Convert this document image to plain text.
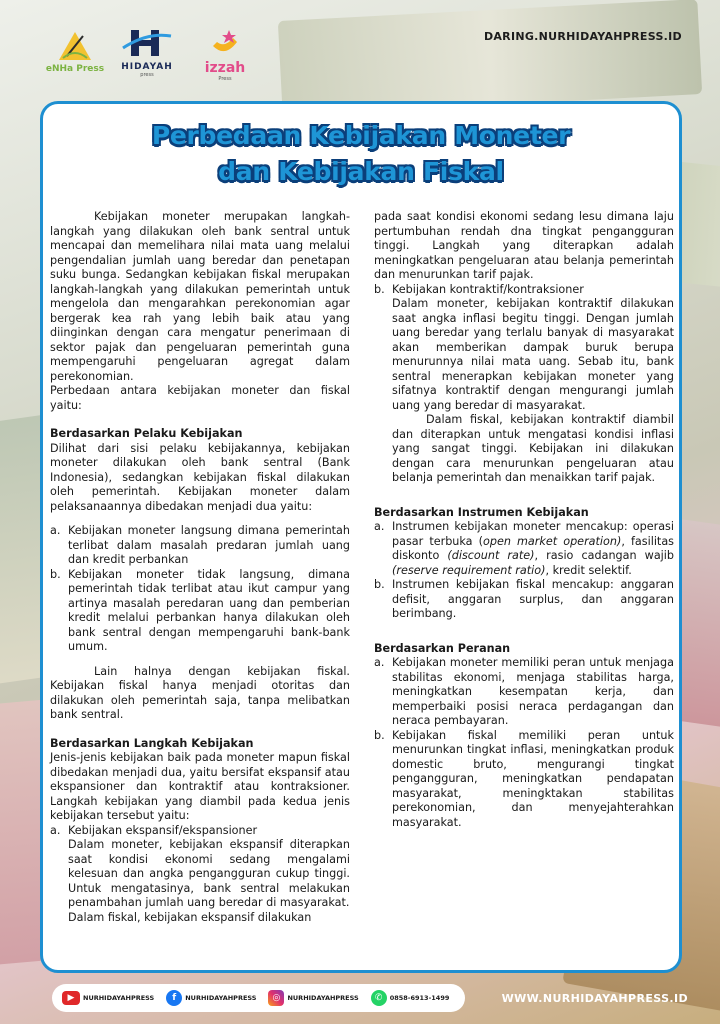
eNHa Press HIDAYAH
press	izzah
Press
DARING.NURHIDAYAHPRESS.ID
Perbedaan Kebijakan Moneter
dan Kebijakan Fiskal
Kebijakan moneter merupakan langkah-langkah yang dilakukan oleh bank sentral untuk mencapai dan memelihara nilai mata uang melalui pengendalian jumlah uang beredar dan penetapan suku bunga. Sedangkan kebijakan fiskal merupakan langkah-langkah yang dilakukan pemerintah untuk mengelola dan mengarahkan perekonomian agar bergerak kea rah yang lebih baik atau yang diinginkan dengan cara mengatur penerimaan di sektor pajak dan pengeluaran pemerintah guna mempengaruhi pengeluaran agregat dalam perekonomian.
Perbedaan antara kebijakan moneter dan fiskal yaitu:
Berdasarkan Pelaku Kebijakan
Dilihat dari sisi pelaku kebijakannya, kebijakan moneter dilakukan oleh bank sentral (Bank Indonesia), sedangkan kebijakan fiskal dilakukan oleh pemerintah. Kebijakan moneter dalam pelaksanaannya dibedakan menjadi dua yaitu:
a. Kebijakan moneter langsung dimana pemerintah terlibat dalam masalah predaran jumlah uang dan kredit perbankan
b. Kebijakan moneter tidak langsung, dimana pemerintah tidak terlibat atau ikut campur yang artinya masalah peredaran uang dan pemberian kredit melalui perbankan hanya dilakukan oleh bank sentral dengan mempengaruhi bank-bank umum.
Lain halnya dengan kebijakan fiskal. Kebijakan fiskal hanya menjadi otoritas dan dilakukan oleh pemerintah saja, tanpa melibatkan bank sentral.
Berdasarkan Langkah Kebijakan
Jenis-jenis kebijakan baik pada moneter mapun fiskal dibedakan menjadi dua, yaitu bersifat ekspansif atau ekspansioner dan kontraktif atau kontraksioner. Langkah kebijakan yang diambil pada kedua jenis kebijakan tersebut yaitu:
a. Kebijakan ekspansif/ekspansioner
Dalam moneter, kebijakan ekspansif diterapkan saat kondisi ekonomi sedang mengalami kelesuan dan angka pengangguran cukup tinggi. Untuk mengatasinya, bank sentral melakukan penambahan jumlah uang beredar di masyarakat.
Dalam fiskal, kebijakan ekspansif dilakukan
pada saat kondisi ekonomi sedang lesu dimana laju pertumbuhan rendah dna tingkat pengangguran tinggi. Langkah yang diterapkan adalah meningkatkan pengeluaran atau belanja pemerintah dan menurunkan tarif pajak.
b. Kebijakan kontraktif/kontraksioner
Dalam moneter, kebijakan kontraktif dilakukan saat angka inflasi begitu tinggi. Dengan jumlah uang beredar yang terlalu banyak di masyarakat akan memberikan dampak buruk berupa menurunnya nilai mata uang. Sebab itu, bank sentral menerapkan kebijakan moneter yang sifatnya kontraktif dengan mengurangi jumlah uang yang beredar di masyarakat.
Dalam fiskal, kebijakan kontraktif diambil dan diterapkan untuk mengatasi kondisi inflasi yang sangat tinggi. Kebijakan ini dilakukan dengan cara menurunkan pengeluaran atau belanja pemerintah dan menaikkan tarif pajak.
Berdasarkan Instrumen Kebijakan
a. Instrumen kebijakan moneter mencakup: operasi pasar terbuka (open market operation), fasilitas diskonto (discount rate), rasio cadangan wajib (reserve requirement ratio), kredit selektif.
b. Instrumen kebijakan fiskal mencakup: anggaran defisit, anggaran surplus, dan anggaran berimbang.
Berdasarkan Peranan
a. Kebijakan moneter memiliki peran untuk menjaga stabilitas ekonomi, menjaga stabilitas harga, meningkatkan kesempatan kerja, dan memperbaiki posisi neraca perdagangan dan neraca pembayaran.
b. Kebijakan fiskal memiliki peran untuk menurunkan tingkat inflasi, meningkatkan produk domestic bruto, mengurangi tingkat pengangguran, meningkatkan pendapatan masyarakat, meningktakan stabilitas perekonomian, dan menyejahterahkan masyarakat.
▶	NURHIDAYAHPRESS	f	NURHIDAYAHPRESS	◎	NURHIDAYAHPRESS	✆	0858-6913-1499	WWW.NURHIDAYAHPRESS.ID
